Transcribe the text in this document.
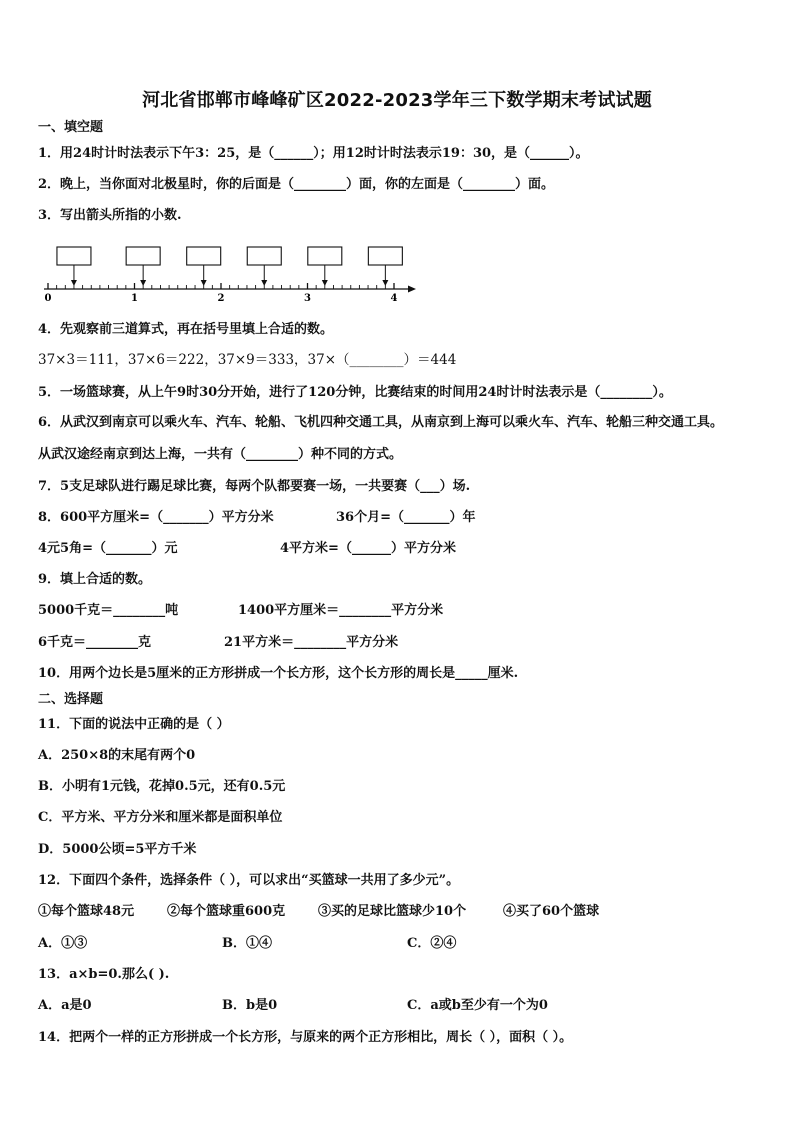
河北省邯郸市峰峰矿区2022-2023学年三下数学期末考试试题
一、填空题
1．用24时计时法表示下午3：25，是（______）；用12时计时法表示19：30，是（______）。
2．晚上，当你面对北极星时，你的后面是（________）面，你的左面是（________）面。
3．写出箭头所指的小数.
0	1	2	3	4
4．先观察前三道算式，再在括号里填上合适的数。
37×3＝111，37×6＝222，37×9＝333，37×（________）＝444
5．一场篮球赛，从上午9时30分开始，进行了120分钟，比赛结束的时间用24时计时法表示是（________）。
6．从武汉到南京可以乘火车、汽车、轮船、飞机四种交通工具，从南京到上海可以乘火车、汽车、轮船三种交通工具。
从武汉途经南京到达上海，一共有（________）种不同的方式。
7．5支足球队进行踢足球比赛，每两个队都要赛一场，一共要赛（___）场.
8．600平方厘米=（_______）平方分米	36个月=（_______）年
4元5角=（_______）元	4平方米=（______）平方分米
9．填上合适的数。
5000千克＝________吨	1400平方厘米＝________平方分米
6千克＝________克	21平方米＝________平方分米
10．用两个边长是5厘米的正方形拼成一个长方形，这个长方形的周长是_____厘米.
二、选择题
11．下面的说法中正确的是（ ）
A．250×8的末尾有两个0
B．小明有1元钱，花掉0.5元，还有0.5元
C．平方米、平方分米和厘米都是面积单位
D．5000公顷=5平方千米
12．下面四个条件，选择条件（ ），可以求出“买篮球一共用了多少元”。
①每个篮球48元	②每个篮球重600克	③买的足球比篮球少10个	④买了60个篮球
A．①③	B．①④	C．②④
13．a×b=0.那么( ).
A．a是0	B．b是0	C．a或b至少有一个为0
14．把两个一样的正方形拼成一个长方形，与原来的两个正方形相比，周长（ ），面积（ ）。
